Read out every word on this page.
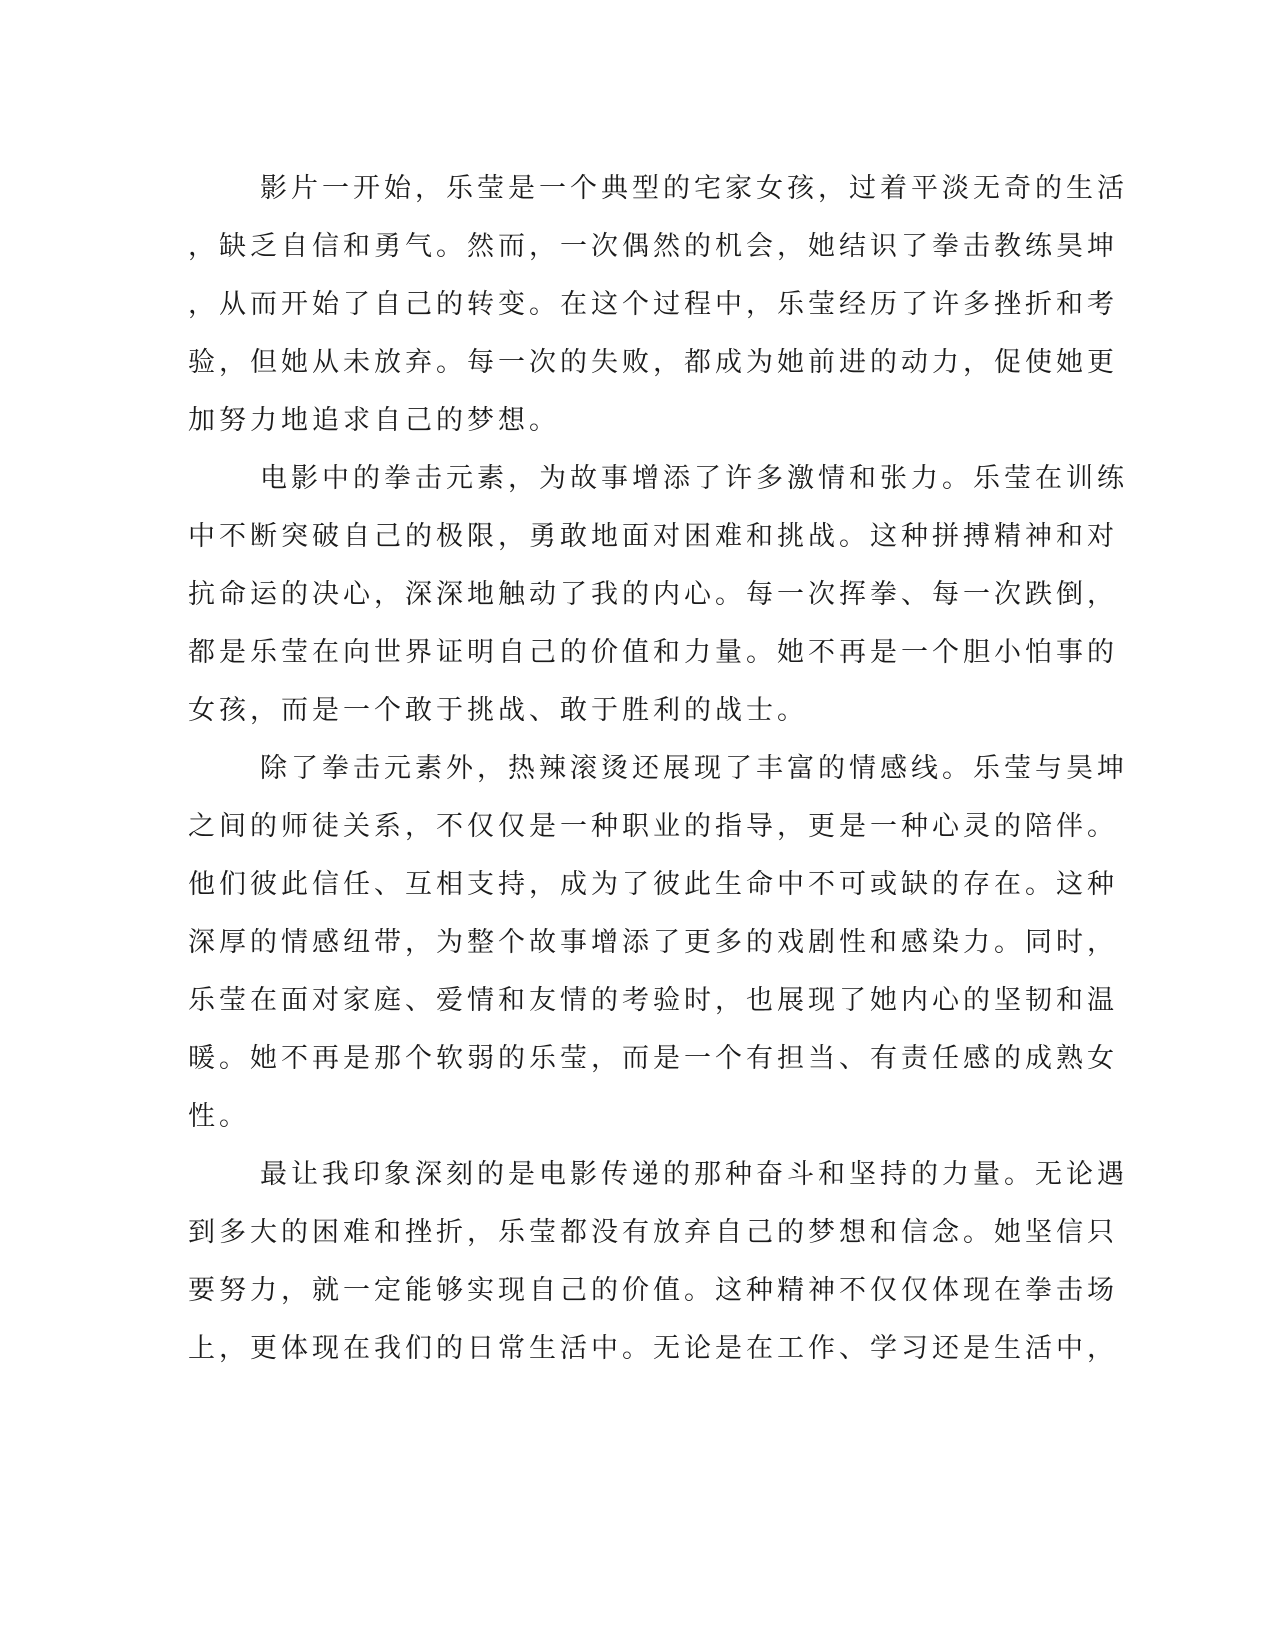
影片一开始，乐莹是一个典型的宅家女孩，过着平淡无奇的生活
，缺乏自信和勇气。然而，一次偶然的机会，她结识了拳击教练昊坤
，从而开始了自己的转变。在这个过程中，乐莹经历了许多挫折和考
验，但她从未放弃。每一次的失败，都成为她前进的动力，促使她更
加努力地追求自己的梦想。
电影中的拳击元素，为故事增添了许多激情和张力。乐莹在训练
中不断突破自己的极限，勇敢地面对困难和挑战。这种拼搏精神和对
抗命运的决心，深深地触动了我的内心。每一次挥拳、每一次跌倒，
都是乐莹在向世界证明自己的价值和力量。她不再是一个胆小怕事的
女孩，而是一个敢于挑战、敢于胜利的战士。
除了拳击元素外，热辣滚烫还展现了丰富的情感线。乐莹与昊坤
之间的师徒关系，不仅仅是一种职业的指导，更是一种心灵的陪伴。
他们彼此信任、互相支持，成为了彼此生命中不可或缺的存在。这种
深厚的情感纽带，为整个故事增添了更多的戏剧性和感染力。同时，
乐莹在面对家庭、爱情和友情的考验时，也展现了她内心的坚韧和温
暖。她不再是那个软弱的乐莹，而是一个有担当、有责任感的成熟女
性。
最让我印象深刻的是电影传递的那种奋斗和坚持的力量。无论遇
到多大的困难和挫折，乐莹都没有放弃自己的梦想和信念。她坚信只
要努力，就一定能够实现自己的价值。这种精神不仅仅体现在拳击场
上，更体现在我们的日常生活中。无论是在工作、学习还是生活中，
